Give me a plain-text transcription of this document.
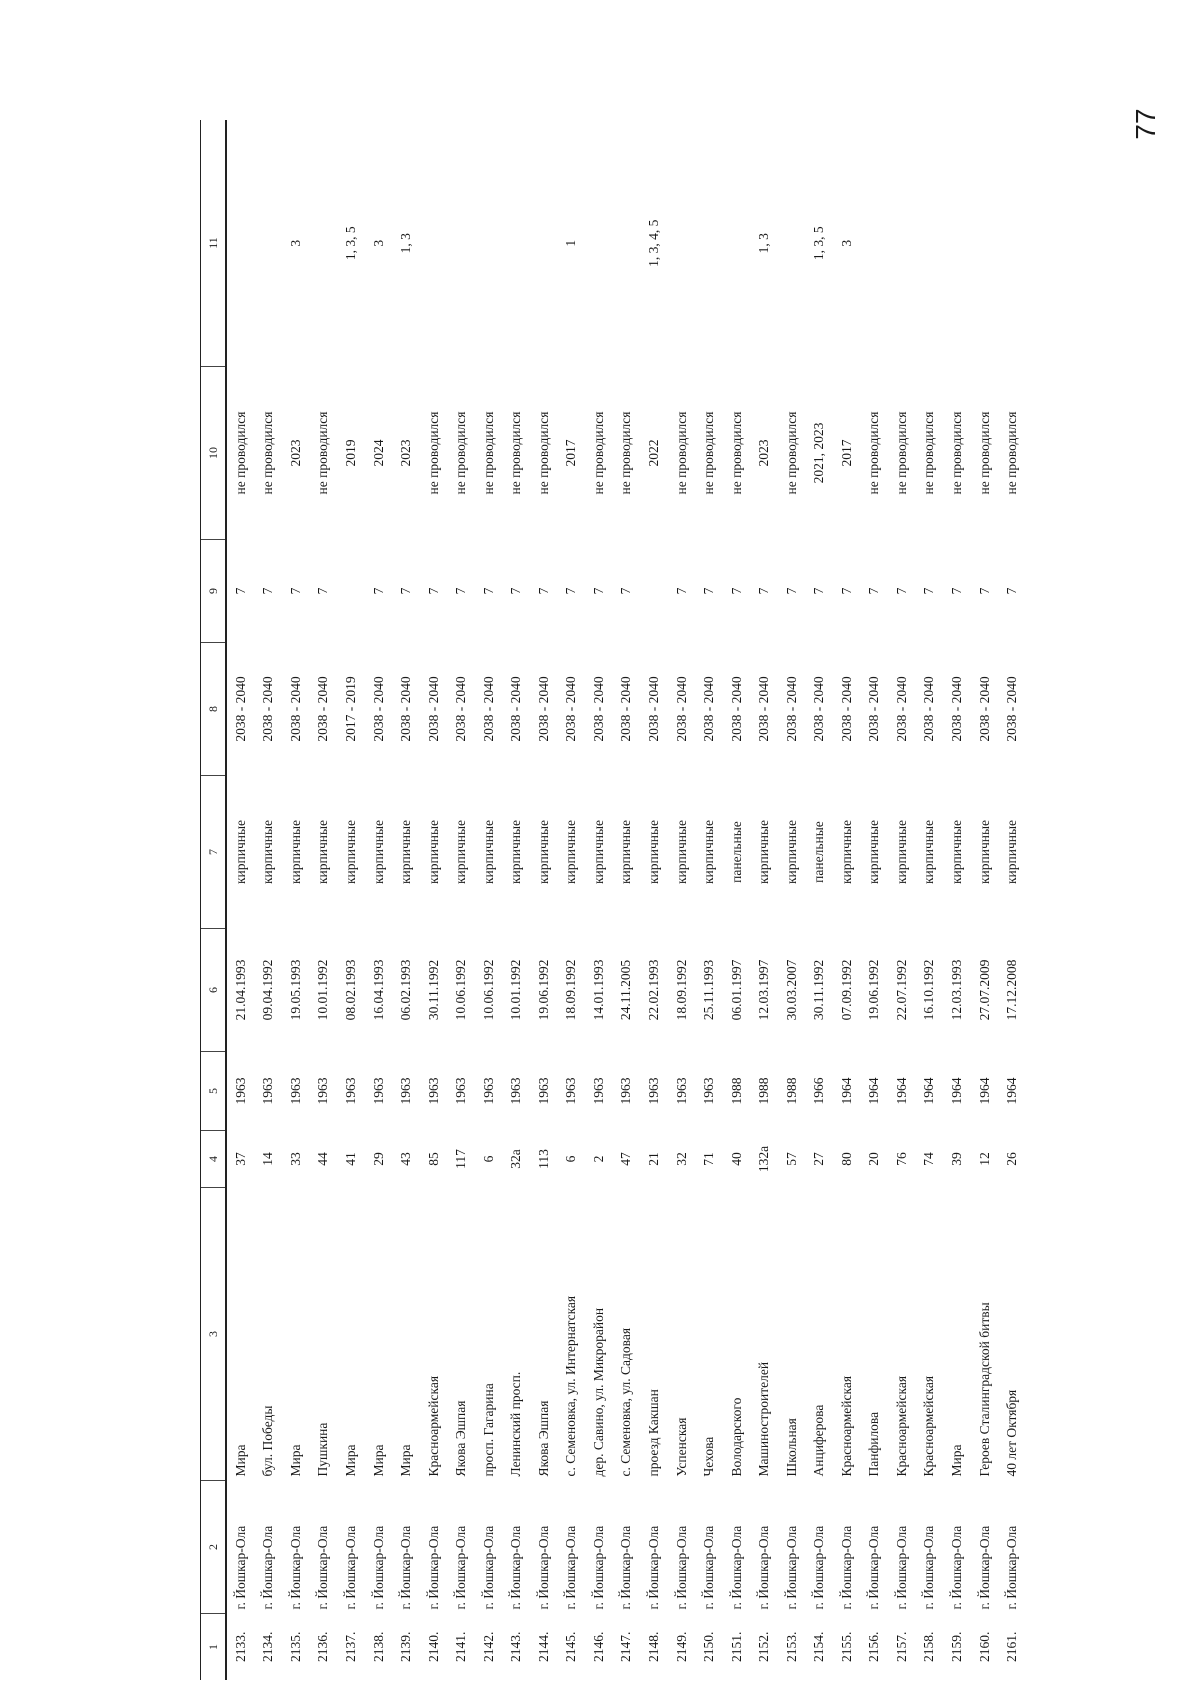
77
1	2	3	4	5	6	7	8	9	10	11
2133.	г. Йошкар-Ола	Мира	37	1963	21.04.1993	кирпичные	2038 - 2040	7	не проводился	
2134.	г. Йошкар-Ола	бул. Победы	14	1963	09.04.1992	кирпичные	2038 - 2040	7	не проводился	
2135.	г. Йошкар-Ола	Мира	33	1963	19.05.1993	кирпичные	2038 - 2040	7	2023	3
2136.	г. Йошкар-Ола	Пушкина	44	1963	10.01.1992	кирпичные	2038 - 2040	7	не проводился	
2137.	г. Йошкар-Ола	Мира	41	1963	08.02.1993	кирпичные	2017 - 2019		2019	1, 3, 5
2138.	г. Йошкар-Ола	Мира	29	1963	16.04.1993	кирпичные	2038 - 2040	7	2024	3
2139.	г. Йошкар-Ола	Мира	43	1963	06.02.1993	кирпичные	2038 - 2040	7	2023	1, 3
2140.	г. Йошкар-Ола	Красноармейская	85	1963	30.11.1992	кирпичные	2038 - 2040	7	не проводился	
2141.	г. Йошкар-Ола	Якова Эшпая	117	1963	10.06.1992	кирпичные	2038 - 2040	7	не проводился	
2142.	г. Йошкар-Ола	просп. Гагарина	6	1963	10.06.1992	кирпичные	2038 - 2040	7	не проводился	
2143.	г. Йошкар-Ола	Ленинский просп.	32а	1963	10.01.1992	кирпичные	2038 - 2040	7	не проводился	
2144.	г. Йошкар-Ола	Якова Эшпая	113	1963	19.06.1992	кирпичные	2038 - 2040	7	не проводился	
2145.	г. Йошкар-Ола	с. Семеновка, ул. Интернатская	6	1963	18.09.1992	кирпичные	2038 - 2040	7	2017	1
2146.	г. Йошкар-Ола	дер. Савино, ул. Микрорайон	2	1963	14.01.1993	кирпичные	2038 - 2040	7	не проводился	
2147.	г. Йошкар-Ола	с. Семеновка, ул. Садовая	47	1963	24.11.2005	кирпичные	2038 - 2040	7	не проводился	
2148.	г. Йошкар-Ола	проезд Какшан	21	1963	22.02.1993	кирпичные	2038 - 2040		2022	1, 3, 4, 5
2149.	г. Йошкар-Ола	Успенская	32	1963	18.09.1992	кирпичные	2038 - 2040	7	не проводился	
2150.	г. Йошкар-Ола	Чехова	71	1963	25.11.1993	кирпичные	2038 - 2040	7	не проводился	
2151.	г. Йошкар-Ола	Володарского	40	1988	06.01.1997	панельные	2038 - 2040	7	не проводился	
2152.	г. Йошкар-Ола	Машиностроителей	132а	1988	12.03.1997	кирпичные	2038 - 2040	7	2023	1, 3
2153.	г. Йошкар-Ола	Школьная	57	1988	30.03.2007	кирпичные	2038 - 2040	7	не проводился	
2154.	г. Йошкар-Ола	Анциферова	27	1966	30.11.1992	панельные	2038 - 2040	7	2021, 2023	1, 3, 5
2155.	г. Йошкар-Ола	Красноармейская	80	1964	07.09.1992	кирпичные	2038 - 2040	7	2017	3
2156.	г. Йошкар-Ола	Панфилова	20	1964	19.06.1992	кирпичные	2038 - 2040	7	не проводился	
2157.	г. Йошкар-Ола	Красноармейская	76	1964	22.07.1992	кирпичные	2038 - 2040	7	не проводился	
2158.	г. Йошкар-Ола	Красноармейская	74	1964	16.10.1992	кирпичные	2038 - 2040	7	не проводился	
2159.	г. Йошкар-Ола	Мира	39	1964	12.03.1993	кирпичные	2038 - 2040	7	не проводился	
2160.	г. Йошкар-Ола	Героев Сталинградской битвы	12	1964	27.07.2009	кирпичные	2038 - 2040	7	не проводился	
2161.	г. Йошкар-Ола	40 лет Октября	26	1964	17.12.2008	кирпичные	2038 - 2040	7	не проводился	
